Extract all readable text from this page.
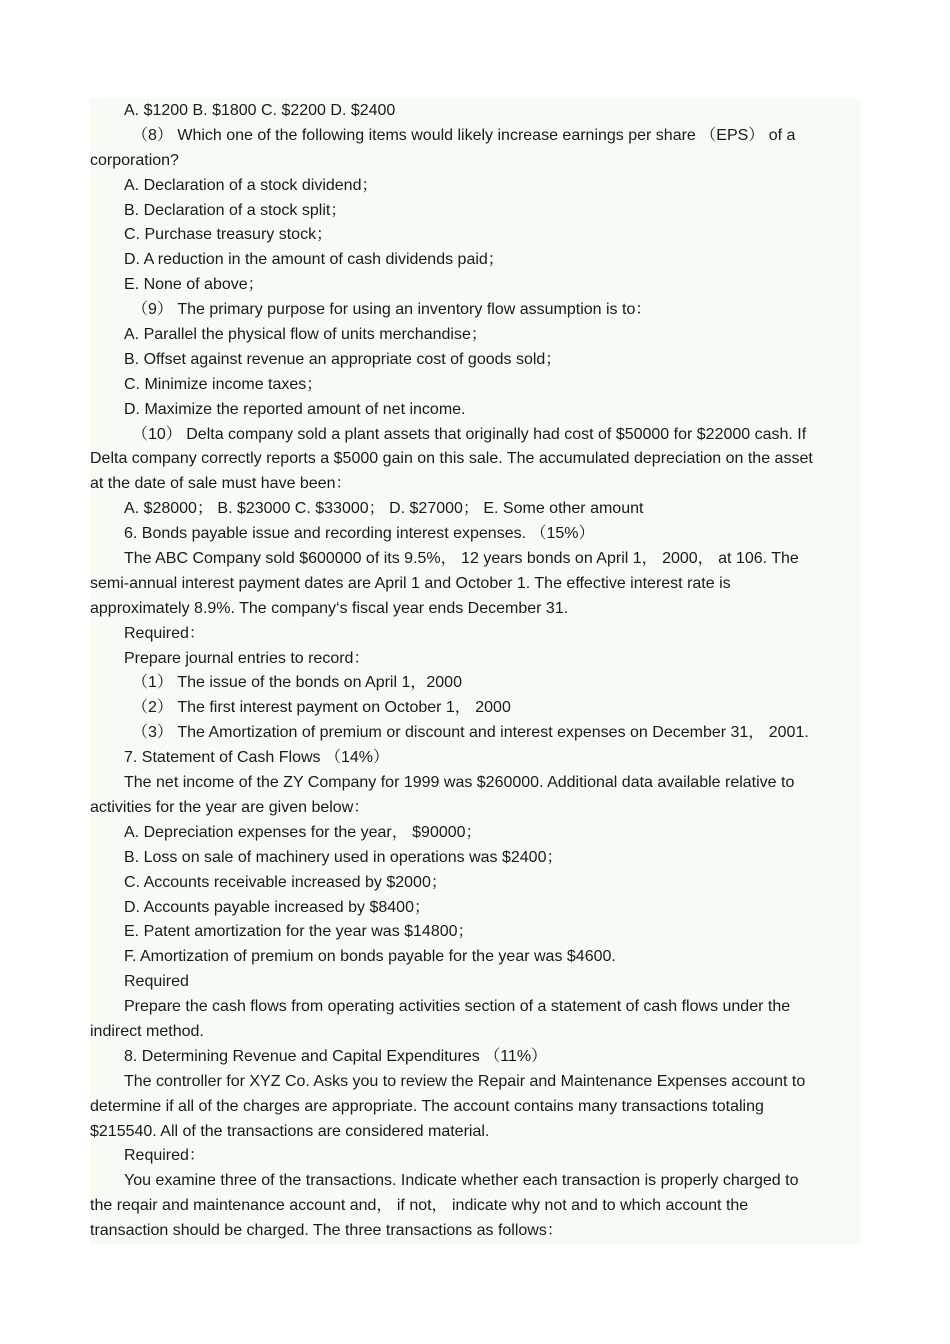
A. $1200 B. $1800 C. $2200 D. $2400
（8） Which one of the following items would likely increase earnings per share （EPS） of a
corporation?
A. Declaration of a stock dividend；
B. Declaration of a stock split；
C. Purchase treasury stock；
D. A reduction in the amount of cash dividends paid；
E. None of above；
（9） The primary purpose for using an inventory flow assumption is to：
A. Parallel the physical flow of units merchandise；
B. Offset against revenue an appropriate cost of goods sold；
C. Minimize income taxes；
D. Maximize the reported amount of net income.
（10） Delta company sold a plant assets that originally had cost of $50000 for $22000 cash. If
Delta company correctly reports a $5000 gain on this sale. The accumulated depreciation on the asset
at the date of sale must have been：
A. $28000； B. $23000 C. $33000； D. $27000； E. Some other amount
6. Bonds payable issue and recording interest expenses. （15%）
The ABC Company sold $600000 of its 9.5%， 12 years bonds on April 1， 2000， at 106. The
semi-annual interest payment dates are April 1 and October 1. The effective interest rate is
approximately 8.9%. The company‘s fiscal year ends December 31.
Required：
Prepare journal entries to record：
（1） The issue of the bonds on April 1，2000
（2） The first interest payment on October 1， 2000
（3） The Amortization of premium or discount and interest expenses on December 31， 2001.
7. Statement of Cash Flows （14%）
The net income of the ZY Company for 1999 was $260000. Additional data available relative to
activities for the year are given below：
A. Depreciation expenses for the year， $90000；
B. Loss on sale of machinery used in operations was $2400；
C. Accounts receivable increased by $2000；
D. Accounts payable increased by $8400；
E. Patent amortization for the year was $14800；
F. Amortization of premium on bonds payable for the year was $4600.
Required
Prepare the cash flows from operating activities section of a statement of cash flows under the
indirect method.
8. Determining Revenue and Capital Expenditures （11%）
The controller for XYZ Co. Asks you to review the Repair and Maintenance Expenses account to
determine if all of the charges are appropriate. The account contains many transactions totaling
$215540. All of the transactions are considered material.
Required：
You examine three of the transactions. Indicate whether each transaction is properly charged to
the reqair and maintenance account and， if not， indicate why not and to which account the
transaction should be charged. The three transactions as follows：
